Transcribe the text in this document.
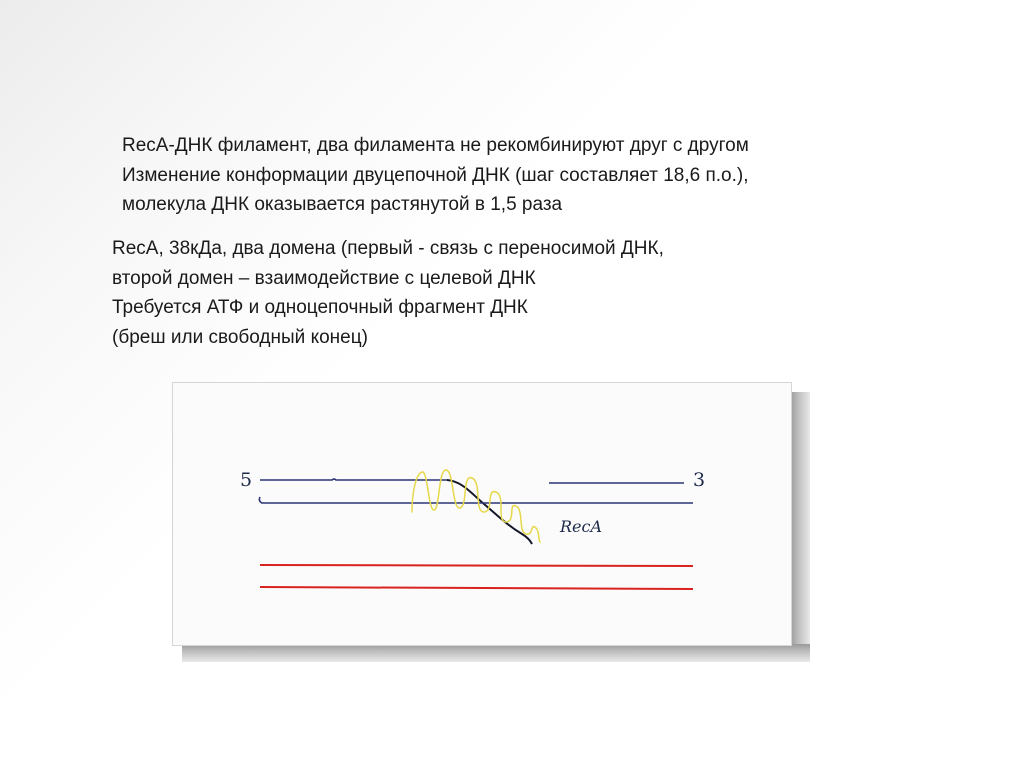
RecA-ДНК филамент, два филамента не рекомбинируют друг с другом
Изменение конформации двуцепочной ДНК (шаг составляет 18,6 п.о.),
молекула ДНК оказывается растянутой в 1,5 раза
RecA, 38кДа, два домена (первый - связь с переносимой ДНК,
второй домен – взаимодействие с целевой ДНК
Требуется АТФ и одноцепочный фрагмент ДНК
(бреш или свободный конец)
5	3
RecA
